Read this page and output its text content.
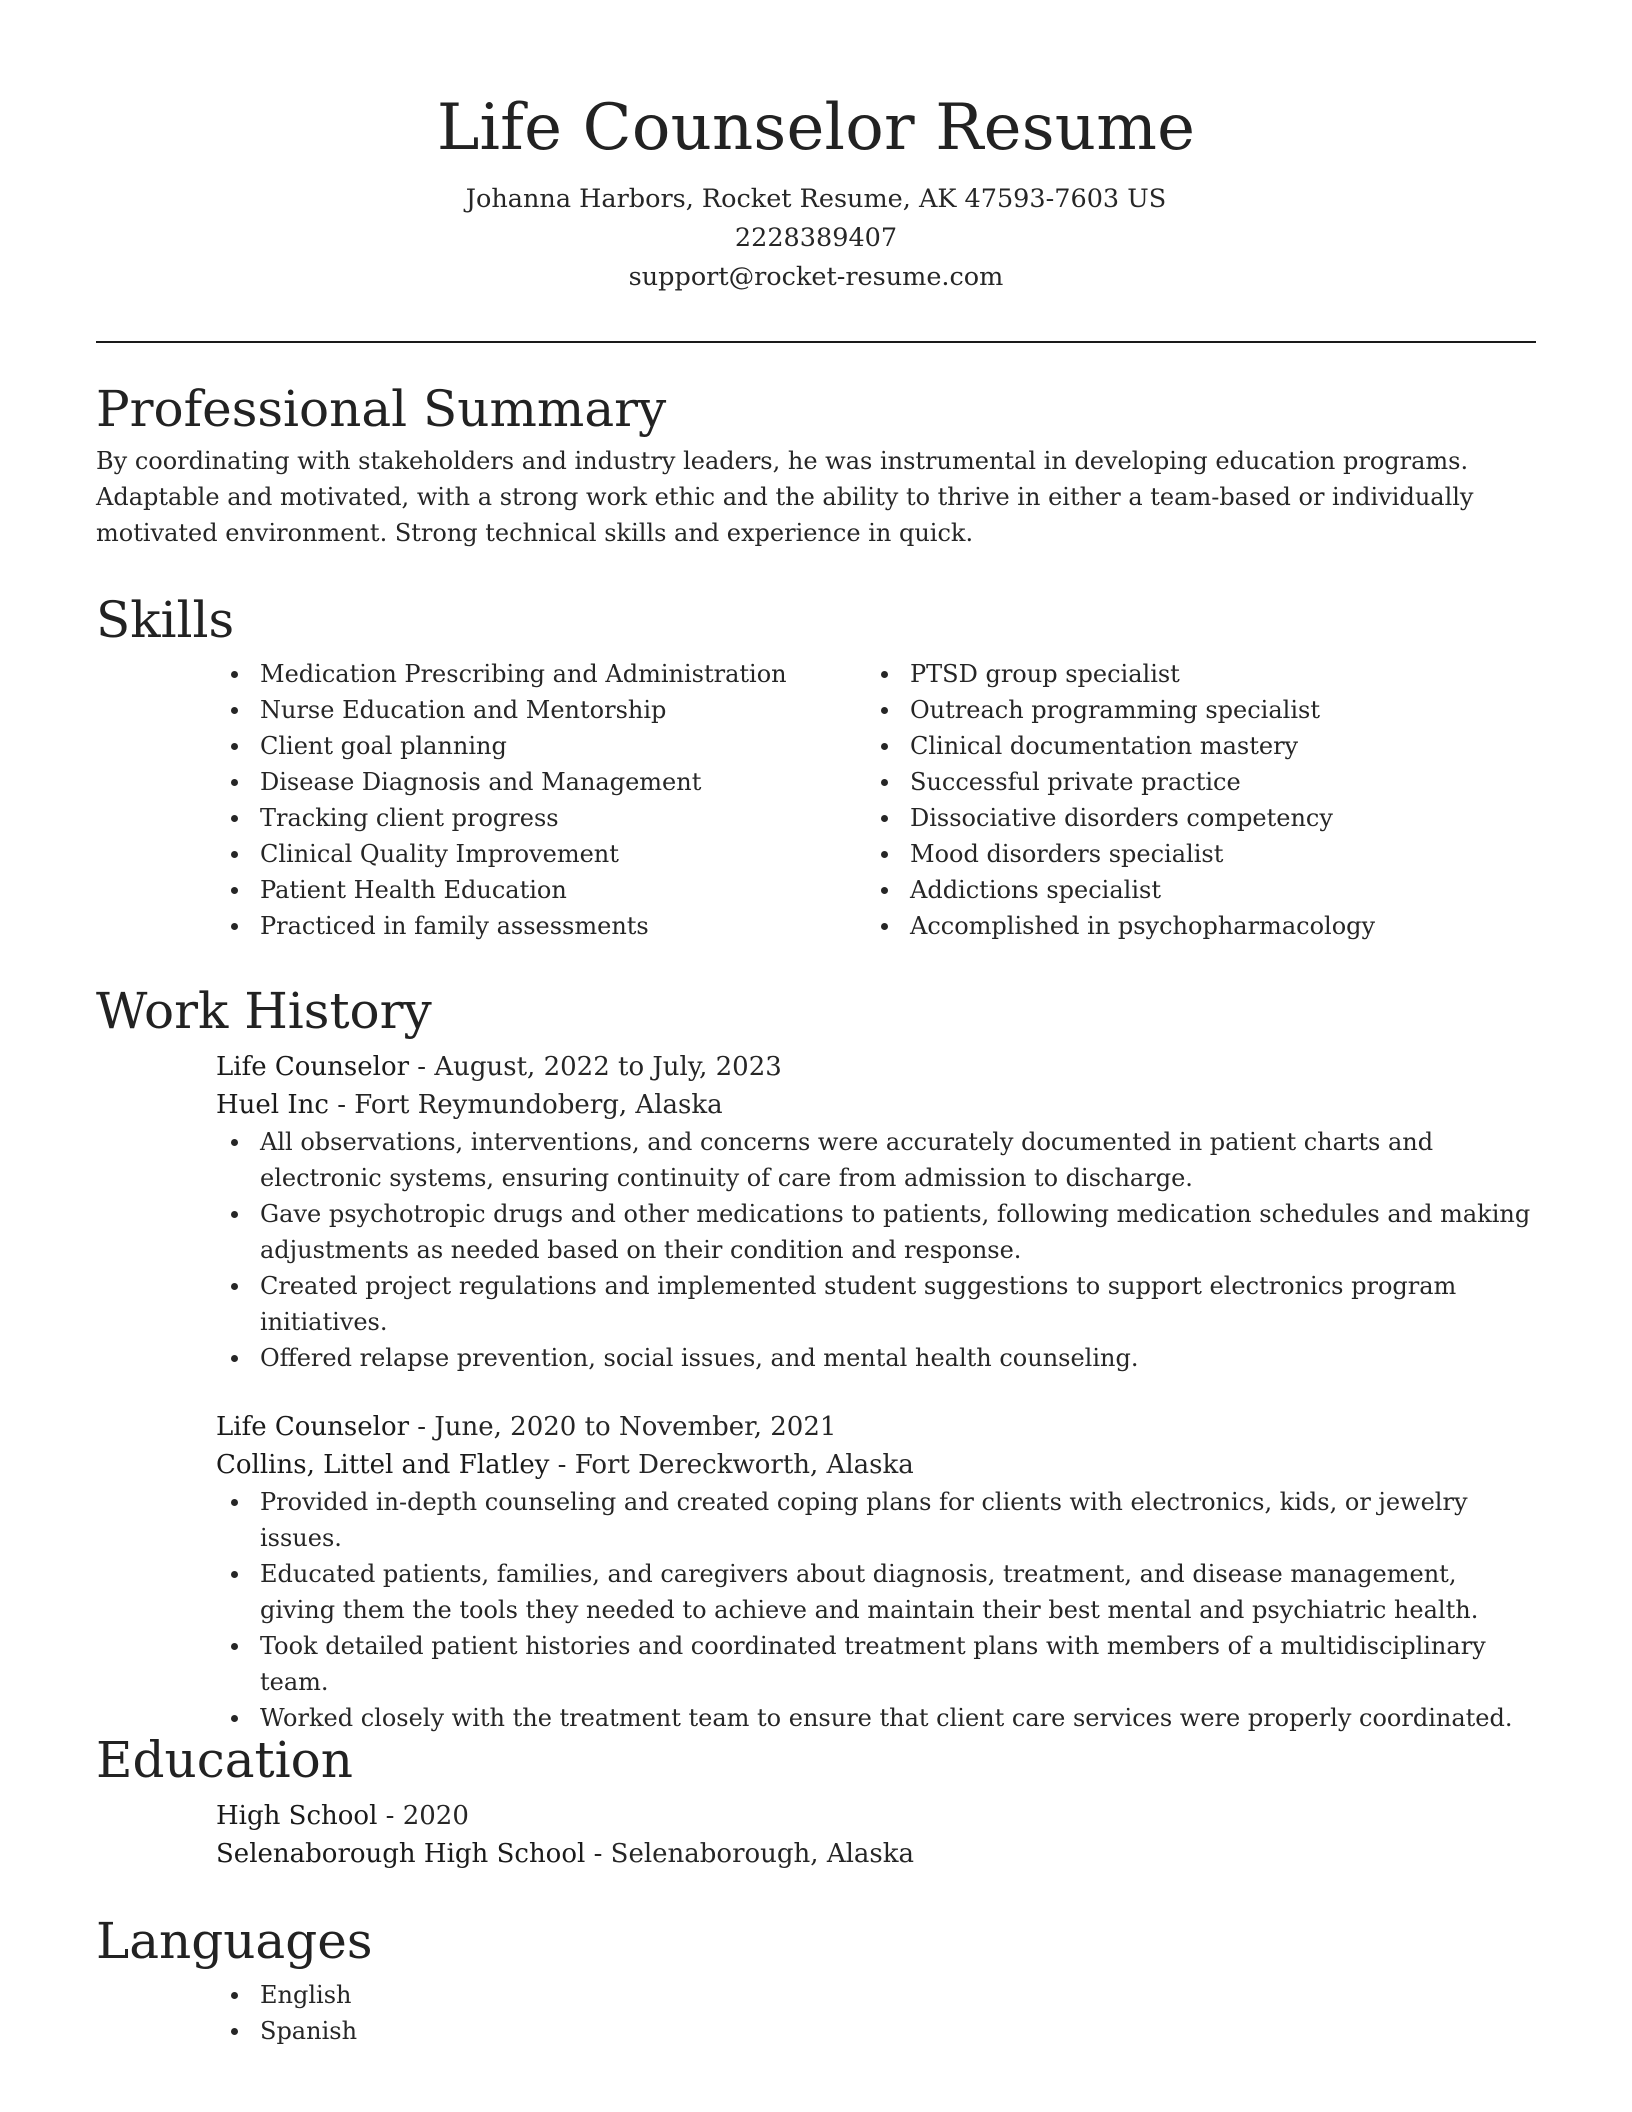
Life Counselor Resume
Johanna Harbors, Rocket Resume, AK 47593-7603 US
2228389407
support@rocket-resume.com
Professional Summary

By coordinating with stakeholders and industry leaders, he was instrumental in developing education programs. Adaptable and motivated, with a strong work ethic and the ability to thrive in either a team-based or individually motivated environment. Strong technical skills and experience in quick.

Skills
Medication Prescribing and Administration
Nurse Education and Mentorship
Client goal planning
Disease Diagnosis and Management
Tracking client progress
Clinical Quality Improvement
Patient Health Education
Practiced in family assessments
PTSD group specialist
Outreach programming specialist
Clinical documentation mastery
Successful private practice
Dissociative disorders competency
Mood disorders specialist
Addictions specialist
Accomplished in psychopharmacology
Work History
Life Counselor - August, 2022 to July, 2023
Huel Inc - Fort Reymundoberg, Alaska
All observations, interventions, and concerns were accurately documented in patient charts and electronic systems, ensuring continuity of care from admission to discharge.
Gave psychotropic drugs and other medications to patients, following medication schedules and making adjustments as needed based on their condition and response.
Created project regulations and implemented student suggestions to support electronics program initiatives.
Offered relapse prevention, social issues, and mental health counseling.
Life Counselor - June, 2020 to November, 2021
Collins, Littel and Flatley - Fort Dereckworth, Alaska
Provided in-depth counseling and created coping plans for clients with electronics, kids, or jewelry issues.
Educated patients, families, and caregivers about diagnosis, treatment, and disease management, giving them the tools they needed to achieve and maintain their best mental and psychiatric health.
Took detailed patient histories and coordinated treatment plans with members of a multidisciplinary team.
Worked closely with the treatment team to ensure that client care services were properly coordinated.
Education
High School - 2020
Selenaborough High School - Selenaborough, Alaska
Languages
English
Spanish
